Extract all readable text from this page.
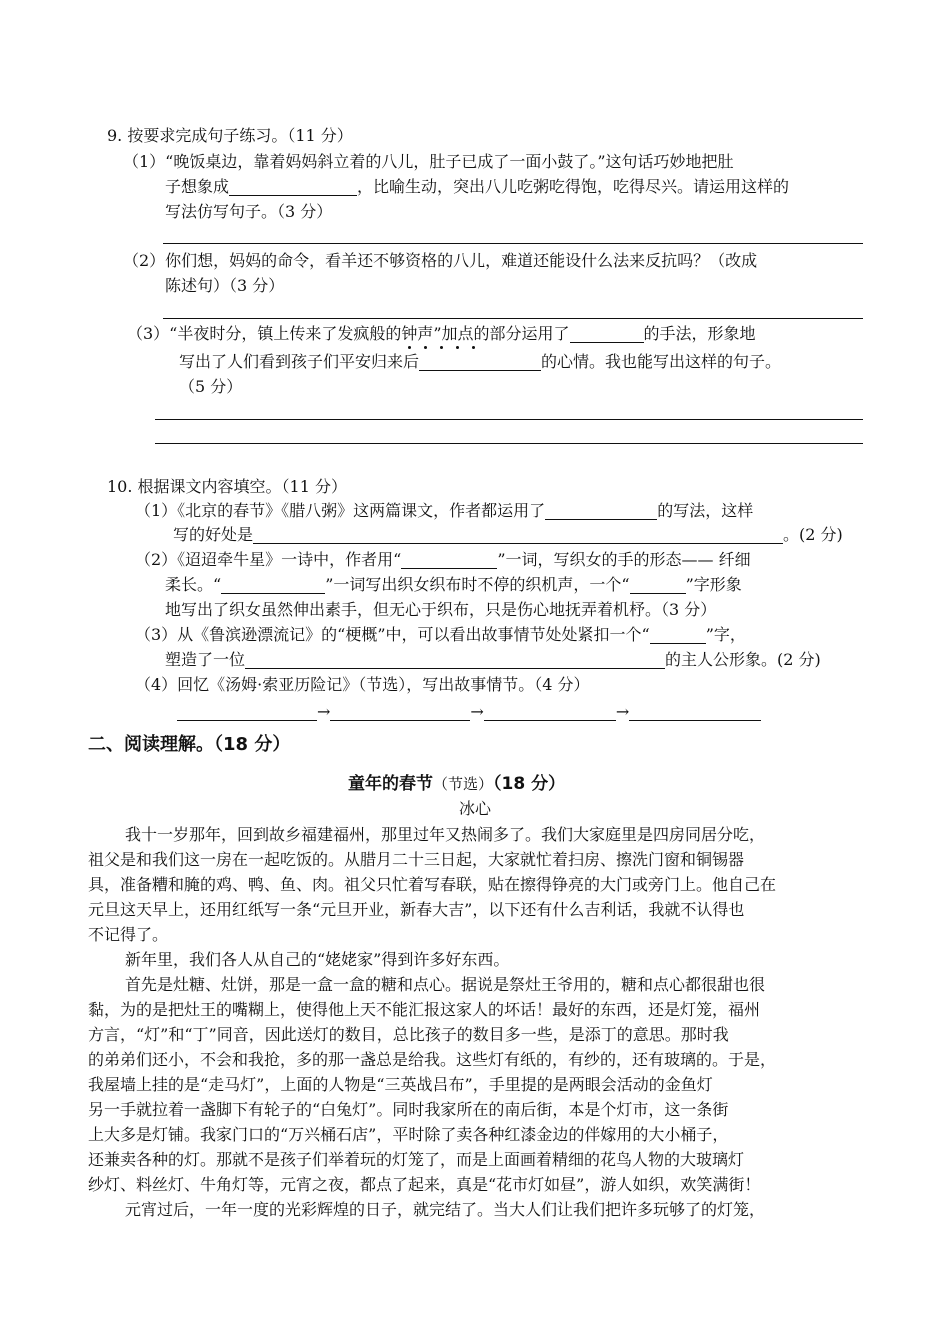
9. 按要求完成句子练习。（11 分）
（1）“晚饭桌边，靠着妈妈斜立着的八儿，肚子已成了一面小鼓了。”这句话巧妙地把肚
子想象成	，比喻生动，突出八儿吃粥吃得饱，吃得尽兴。请运用这样的
写法仿写句子。（3 分）
（2）你们想，妈妈的命令，看羊还不够资格的八儿，难道还能设什么法来反抗吗？（改成
陈述句）（3 分）
（3）“半夜时分，镇上传来了发疯般的钟声”加点的部分运用了	的手法，形象地
写出了人们看到孩子们平安归来后	的心情。我也能写出这样的句子。
（5 分）
10. 根据课文内容填空。（11 分）
（1）《北京的春节》《腊八粥》这两篇课文，作者都运用了	的写法，这样
写的好处是	。(2 分)
（2）《迢迢牵牛星》一诗中，作者用“	”一词，写织女的手的形态—— 纤细
柔长。“	”一词写出织女织布时不停的织机声，一个“	”字形象
地写出了织女虽然伸出素手，但无心于织布，只是伤心地抚弄着机杼。（3 分）
（3）从《鲁滨逊漂流记》的“梗概”中，可以看出故事情节处处紧扣一个“	”字，
塑造了一位	的主人公形象。(2 分)
（4）回忆《汤姆·索亚历险记》（节选），写出故事情节。（4 分）
→	→	→
二、阅读理解。（18 分）
童年的春节（节选）（18 分）
冰心
我十一岁那年，回到故乡福建福州，那里过年又热闹多了。我们大家庭里是四房同居分吃，
祖父是和我们这一房在一起吃饭的。从腊月二十三日起，大家就忙着扫房、擦洗门窗和铜锡器
具，准备糟和腌的鸡、鸭、鱼、肉。祖父只忙着写春联，贴在擦得铮亮的大门或旁门上。他自己在
元旦这天早上，还用红纸写一条“元旦开业，新春大吉”，以下还有什么吉利话，我就不认得也
不记得了。
新年里，我们各人从自己的“姥姥家”得到许多好东西。
首先是灶糖、灶饼，那是一盒一盒的糖和点心。据说是祭灶王爷用的，糖和点心都很甜也很
黏，为的是把灶王的嘴糊上，使得他上天不能汇报这家人的坏话！最好的东西，还是灯笼，福州
方言，“灯”和“丁”同音，因此送灯的数目，总比孩子的数目多一些，是添丁的意思。那时我
的弟弟们还小，不会和我抢，多的那一盏总是给我。这些灯有纸的，有纱的，还有玻璃的。于是，
我屋墙上挂的是“走马灯”，上面的人物是“三英战吕布”，手里提的是两眼会活动的金鱼灯
另一手就拉着一盏脚下有轮子的“白兔灯”。同时我家所在的南后街，本是个灯市，这一条街
上大多是灯铺。我家门口的“万兴桶石店”，平时除了卖各种红漆金边的伴嫁用的大小桶子，
还兼卖各种的灯。那就不是孩子们举着玩的灯笼了，而是上面画着精细的花鸟人物的大玻璃灯
纱灯、料丝灯、牛角灯等，元宵之夜，都点了起来，真是“花市灯如昼”，游人如织，欢笑满街！
元宵过后，一年一度的光彩辉煌的日子，就完结了。当大人们让我们把许多玩够了的灯笼，
